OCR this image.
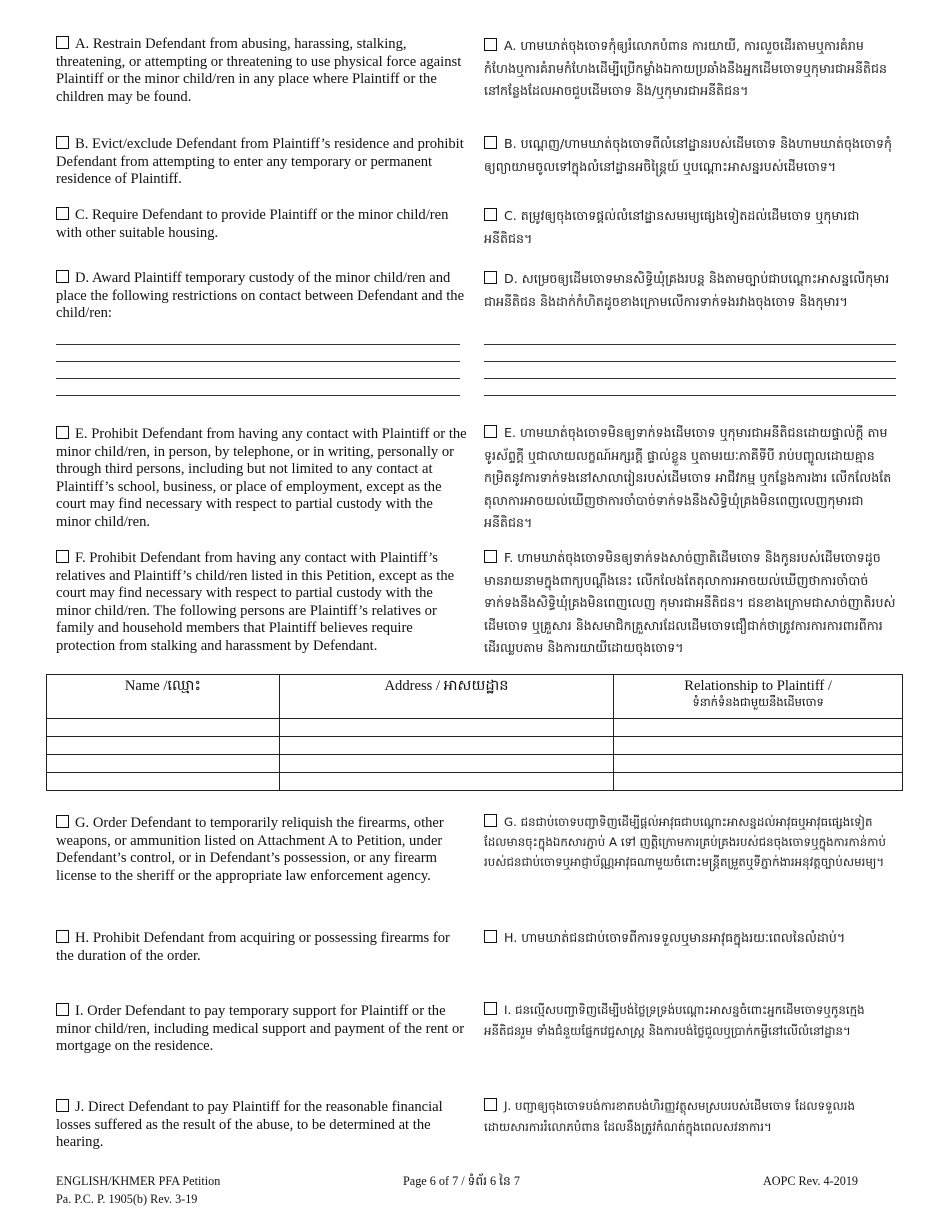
A. Restrain Defendant from abusing, harassing, stalking, threatening, or attempting or threatening to use physical force against Plaintiff or the minor child/ren in any place where Plaintiff or the children may be found.
A. ហាមឃាត់ចុងចោទកុំឲ្យរំលោភបំពាន ការយាយី, ការលួចដើរតាមឬការគំរាមកំហែងឬការគំរាមកំហែងដើម្បីប្រើកម្លាំងឯកាយប្រឆាំងនឹងអ្នកដើមចោទឬកុមារជាអនីតិជន នៅកន្លែងដែលអាចជួបដើមចោទ និង/ឬកុមារជាអនីតិជន។
B. Evict/exclude Defendant from Plaintiff’s residence and prohibit Defendant from attempting to enter any temporary or permanent residence of Plaintiff.
B. បណ្តេញ/ហាមឃាត់ចុងចោទពីលំនៅដ្ឋានរបស់ដើមចោទ និងហាមឃាត់ចុងចោទកុំឲ្យព្យាយាមចូលទៅក្នុងលំនៅដ្ឋានអចិន្ត្រៃយ៍ ឬបណ្តោះអាសន្នរបស់ដើមចោទ។
C. Require Defendant to provide Plaintiff or the minor child/ren with other suitable housing.
C. តម្រូវឲ្យចុងចោទផ្តល់លំនៅដ្ឋានសមរម្យផ្សេងទៀតដល់ដើមចោទ ឬកុមារជាអនីតិជន។
D. Award Plaintiff temporary custody of the minor child/ren and place the following restrictions on contact between Defendant and the child/ren:
D. សម្រេចឲ្យដើមចោទមានសិទ្ធិឃុំគ្រងរបន្ត និងតាមច្បាប់ជាបណ្តោះអាសន្នលើកុមារជាអនីតិជន និងដាក់កំហិតដូចខាងក្រោមលើការទាក់ទងរវាងចុងចោទ និងកុមារ។
E. Prohibit Defendant from having any contact with Plaintiff or the minor child/ren, in person, by telephone, or in writing, personally or through third persons, including but not limited to any contact at Plaintiff’s school, business, or place of employment, except as the court may find necessary with respect to partial custody with the minor child/ren.
E. ហាមឃាត់ចុងចោទមិនឲ្យទាក់ទងដើមចោទ ឬកុមារជាអនីតិជនដោយផ្ទាល់ក្តី តាមទូរស័ព្ទក្តី ឬជាលាយលក្ខណ៍អក្សរក្តី ផ្ទាល់ខ្លួន ឬតាមរយៈភាគីទីបី រាប់បញ្ចូលដោយគ្មានកម្រិតនូវការទាក់ទងនៅសាលារៀនរបស់ដើមចោទ អាជីវកម្ម ឬកន្លែងការងារ លើកលែងតែតុលាការអាចយល់ឃើញថាការចាំបាច់ទាក់ទងនឹងសិទ្ធិឃុំគ្រងមិនពេញលេញកុមារជាអនីតិជន។
F. Prohibit Defendant from having any contact with Plaintiff’s relatives and Plaintiff’s child/ren listed in this Petition, except as the court may find necessary with respect to partial custody with the minor child/ren. The following persons are Plaintiff’s relatives or family and household members that Plaintiff believes require protection from stalking and harassment by Defendant.
F. ហាមឃាត់ចុងចោទមិនឲ្យទាក់ទងសាច់ញាតិដើមចោទ និងកូនរបស់ដើមចោទដូចមានរាយនាមក្នុងពាក្យបណ្តឹងនេះ លើកលែងតែតុលាការអាចយល់ឃើញថាការចាំបាច់ទាក់ទងនឹងសិទ្ធិឃុំគ្រងមិនពេញលេញ កុមារជាអនីតិជន។ ជនខាងក្រោមជាសាច់ញាតិរបស់ដើមចោទ ឬគ្រួសារ និងសមាជិកគ្រួសារដែលដើមចោទជឿជាក់ថាត្រូវការការការពារពីការដើរឈ្លបតាម និងការយាយីដោយចុងចោទ។
Name /ឈ្មោះ	Address / អាសយដ្ឋាន	Relationship to Plaintiff /
ទំនាក់ទំនងជាមួយនឹងដើមចោទ

G. Order Defendant to temporarily reliquish the firearms, other weapons, or ammunition listed on Attachment A to Petition, under Defendant’s control, or in Defendant’s possession, or any firearm license to the sheriff or the appropriate law enforcement agency.
G. ជនជាប់ចោទបញ្ជាទិញដើម្បីផ្តល់អាវុធជាបណ្តោះអាសន្នដល់អាវុធឬអាវុធផ្សេងទៀត ដែលមានចុះក្នុងឯកសារភ្ជាប់ A ទៅ ញត្តិក្រោមការគ្រប់គ្រងរបស់ជនចុងចោទឬក្នុងការកាន់កាប់របស់ជនជាប់ចោទឬអាជ្ញាប័ណ្ណអាវុធណាមួយចំពោះមន្ត្រីតម្រួតឬទីភ្នាក់ងារអនុវត្តច្បាប់សមរម្យ។
H. Prohibit Defendant from acquiring or possessing firearms for the duration of the order.
H. ហាមឃាត់ជនជាប់ចោទពីការទទួលឬមានអាវុធក្នុងរយៈពេលនៃលំដាប់។
I. Order Defendant to pay temporary support for Plaintiff or the minor child/ren, including medical support and payment of the rent or mortgage on the residence.
I. ជនល្មើសបញ្ជាទិញដើម្បីបង់ថ្លៃទ្រទ្រង់បណ្តោះអាសន្នចំពោះអ្នកដើមចោទឬកូនក្មេង អនីតិជនរួម ទាំងជំនួយផ្នែកវេជ្ជសាស្ត្រ និងការបង់ថ្លៃជួលឬប្រាក់កម្ចីនៅលើលំនៅដ្ឋាន។
J. Direct Defendant to pay Plaintiff for the reasonable financial losses suffered as the result of the abuse, to be determined at the hearing.
J. បញ្ជាឲ្យចុងចោទបង់ការខាតបង់ហិរញ្ញវត្ថុសមស្របរបស់ដើមចោទ ដែលទទួលរងដោយសារការរំលោភបំពាន ដែលនឹងត្រូវកំណត់ក្នុងពេលសវនាការ។
ENGLISH/KHMER PFA Petition
Pa. P.C. P. 1905(b) Rev. 3-19
Page 6 of 7 / ទំព័រ 6 នៃ 7	AOPC Rev. 4-2019
